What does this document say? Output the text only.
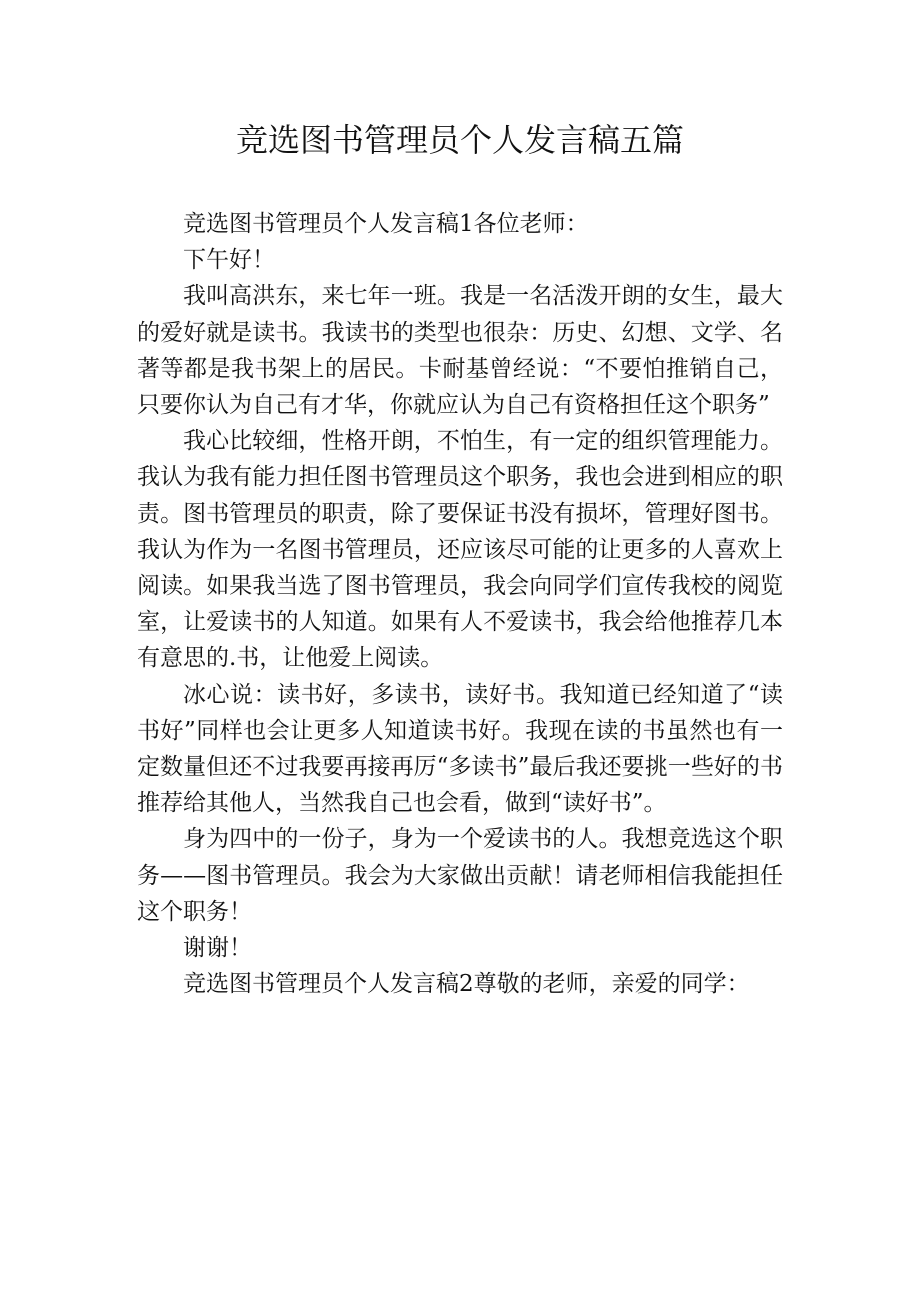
竞选图书管理员个人发言稿五篇

竞选图书管理员个人发言稿1各位老师：

下午好！

我叫高洪东，来七年一班。我是一名活泼开朗的女生，最大的爱好就是读书。我读书的类型也很杂：历史、幻想、文学、名著等都是我书架上的居民。卡耐基曾经说：“不要怕推销自己，只要你认为自己有才华，你就应认为自己有资格担任这个职务”

我心比较细，性格开朗，不怕生，有一定的组织管理能力。我认为我有能力担任图书管理员这个职务，我也会进到相应的职责。图书管理员的职责，除了要保证书没有损坏，管理好图书。我认为作为一名图书管理员，还应该尽可能的让更多的人喜欢上阅读。如果我当选了图书管理员，我会向同学们宣传我校的阅览室，让爱读书的人知道。如果有人不爱读书，我会给他推荐几本有意思的.书，让他爱上阅读。

冰心说：读书好，多读书，读好书。我知道已经知道了“读书好”同样也会让更多人知道读书好。我现在读的书虽然也有一定数量但还不过我要再接再厉“多读书”最后我还要挑一些好的书推荐给其他人，当然我自己也会看，做到“读好书”。

身为四中的一份子，身为一个爱读书的人。我想竞选这个职务——图书管理员。我会为大家做出贡献！请老师相信我能担任这个职务！

谢谢！

竞选图书管理员个人发言稿2尊敬的老师，亲爱的同学：
